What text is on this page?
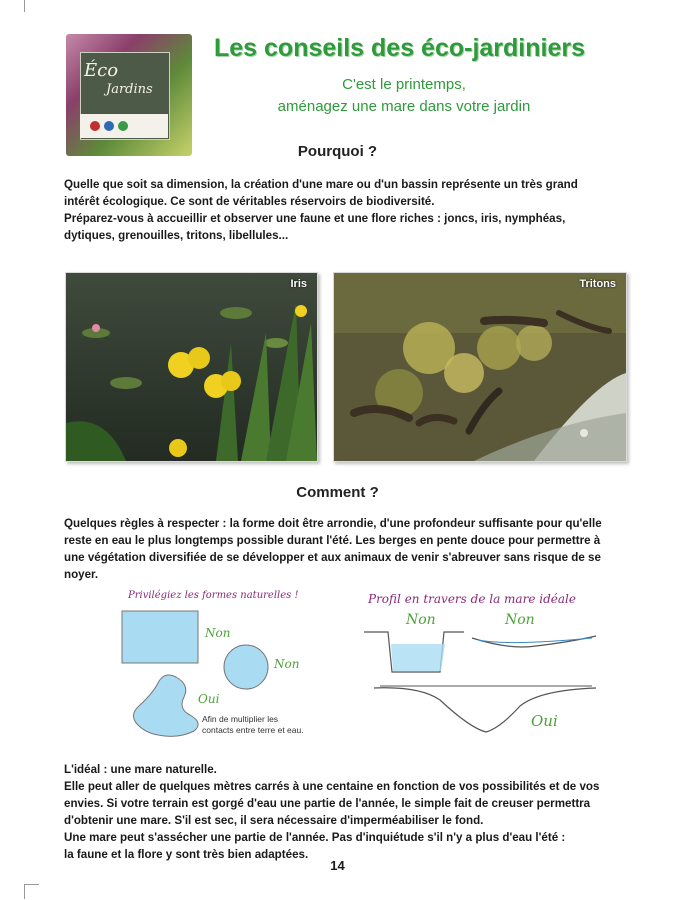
Éco
Jardins
Les conseils des éco-jardiniers
C'est le printemps,
aménagez une mare dans votre jardin
Pourquoi ?
Quelle que soit sa dimension, la création d'une mare ou d'un bassin représente un très grand
intérêt écologique. Ce sont de véritables réservoirs de biodiversité.
Préparez-vous à accueillir et observer une faune et une flore riches : joncs, iris, nymphéas,
dytiques, grenouilles, tritons, libellules...
Iris	Tritons
Comment ?
Quelques règles à respecter : la forme doit être arrondie, d'une profondeur suffisante pour qu'elle
reste en eau le plus longtemps possible durant l'été. Les berges en pente douce pour permettre à
une végétation diversifiée de se développer et aux animaux de venir s'abreuver sans risque de se
noyer.
Privilégiez les formes naturelles !
Non
Non
Oui
Afin de multiplier les
contacts entre terre et eau.
Profil en travers de la mare idéale
Non	Non
Oui
L'idéal : une mare naturelle.
Elle peut aller de quelques mètres carrés à une centaine en fonction de vos possibilités et de vos
envies. Si votre terrain est gorgé d'eau une partie de l'année, le simple fait de creuser permettra
d'obtenir une mare. S'il est sec, il sera nécessaire d'imperméabiliser le fond.
Une mare peut s'assécher une partie de l'année. Pas d'inquiétude s'il n'y a plus d'eau l'été :
la faune et la flore y sont très bien adaptées.
14
